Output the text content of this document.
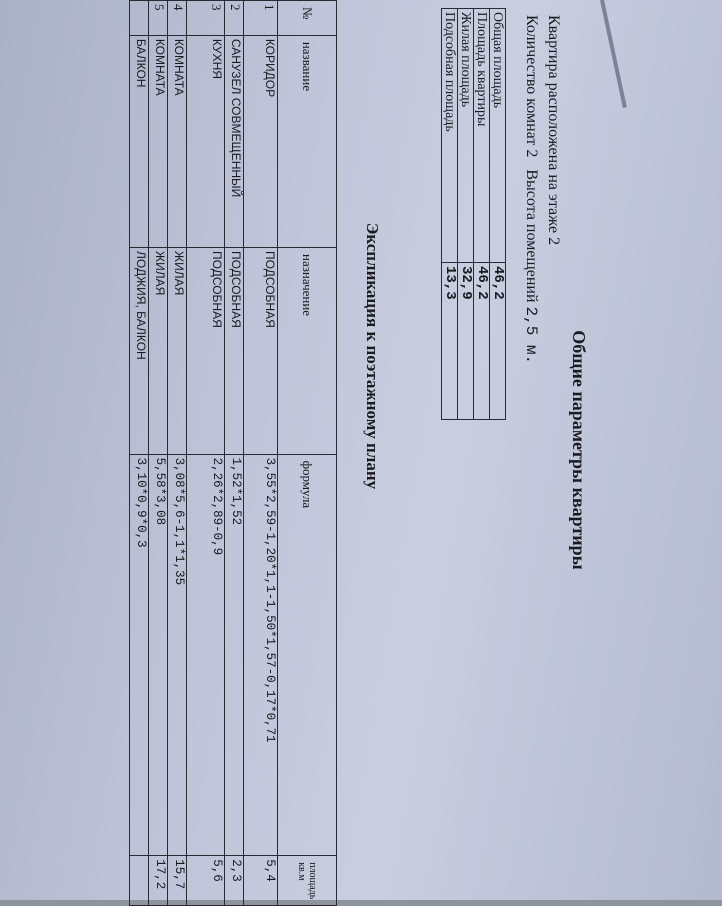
Общие параметры квартиры
Квартира расположена на этаже 2
Количество комнат 2   Высота помещений 2,5 м.
Общая площадь	46,2
Площадь квартиры	46,2
Жилая площадь	32,9
Подсобная площадь	13,3
Экспликация к поэтажному плану
№	название	назначение	формула	площадь кв.м
1	КОРИДОР	ПОДСОБНАЯ	3,55*2,59-1,20*1,1-1,50*1,57-0,17*0,71	5,4
2	САНУЗЕЛ СОВМЕЩЕННЫЙ	ПОДСОБНАЯ	1,52*1,52	2,3
3	КУХНЯ	ПОДСОБНАЯ	2,26*2,89-0,9	5,6
4	КОМНАТА	ЖИЛАЯ	3,08*5,6-1,1*1,35	15,7
5	КОМНАТА	ЖИЛАЯ	5,58*3,08	17,2
	БАЛКОН	ЛОДЖИЯ, БАЛКОН	3,10*0,9*0,3	
